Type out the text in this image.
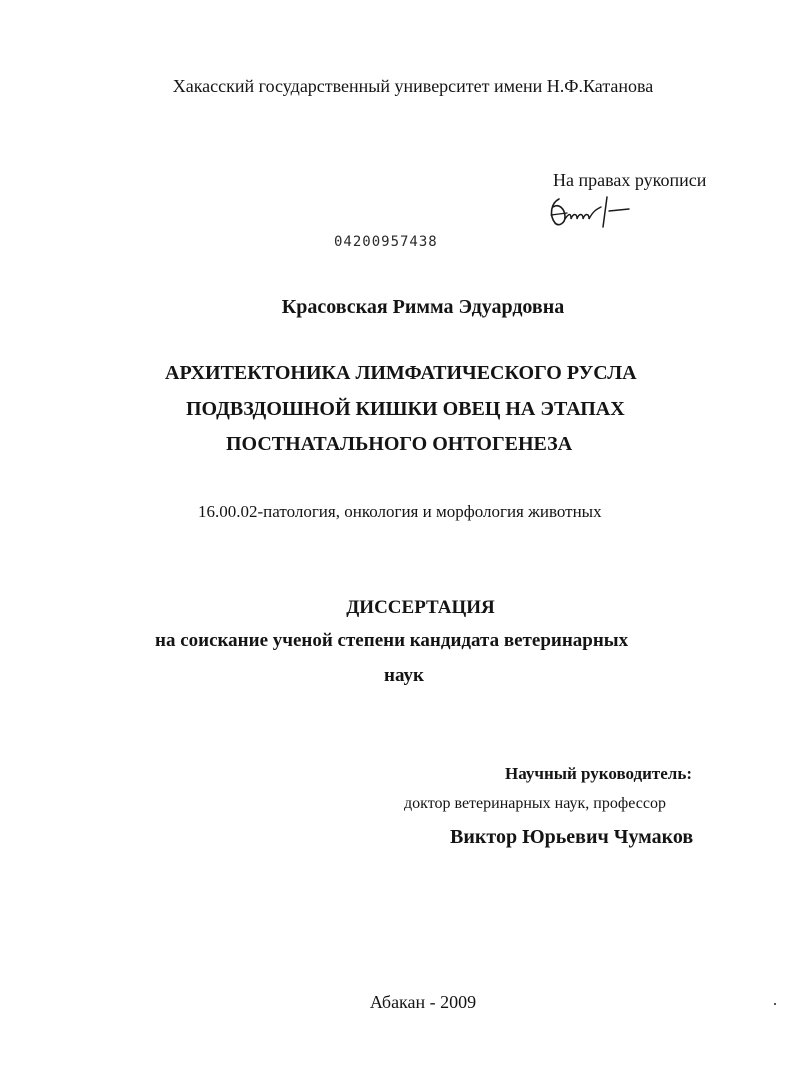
Хакасский государственный университет имени Н.Ф.Катанова
На правах рукописи
04200957438
Красовская Римма Эдуардовна
АРХИТЕКТОНИКА ЛИМФАТИЧЕСКОГО РУСЛА
ПОДВЗДОШНОЙ КИШКИ ОВЕЦ НА ЭТАПАХ
ПОСТНАТАЛЬНОГО ОНТОГЕНЕЗА
16.00.02-патология, онкология и морфология животных
ДИССЕРТАЦИЯ
на соискание ученой степени кандидата ветеринарных
наук
Научный руководитель:
доктор ветеринарных наук, профессор
Виктор Юрьевич Чумаков
Абакан - 2009
